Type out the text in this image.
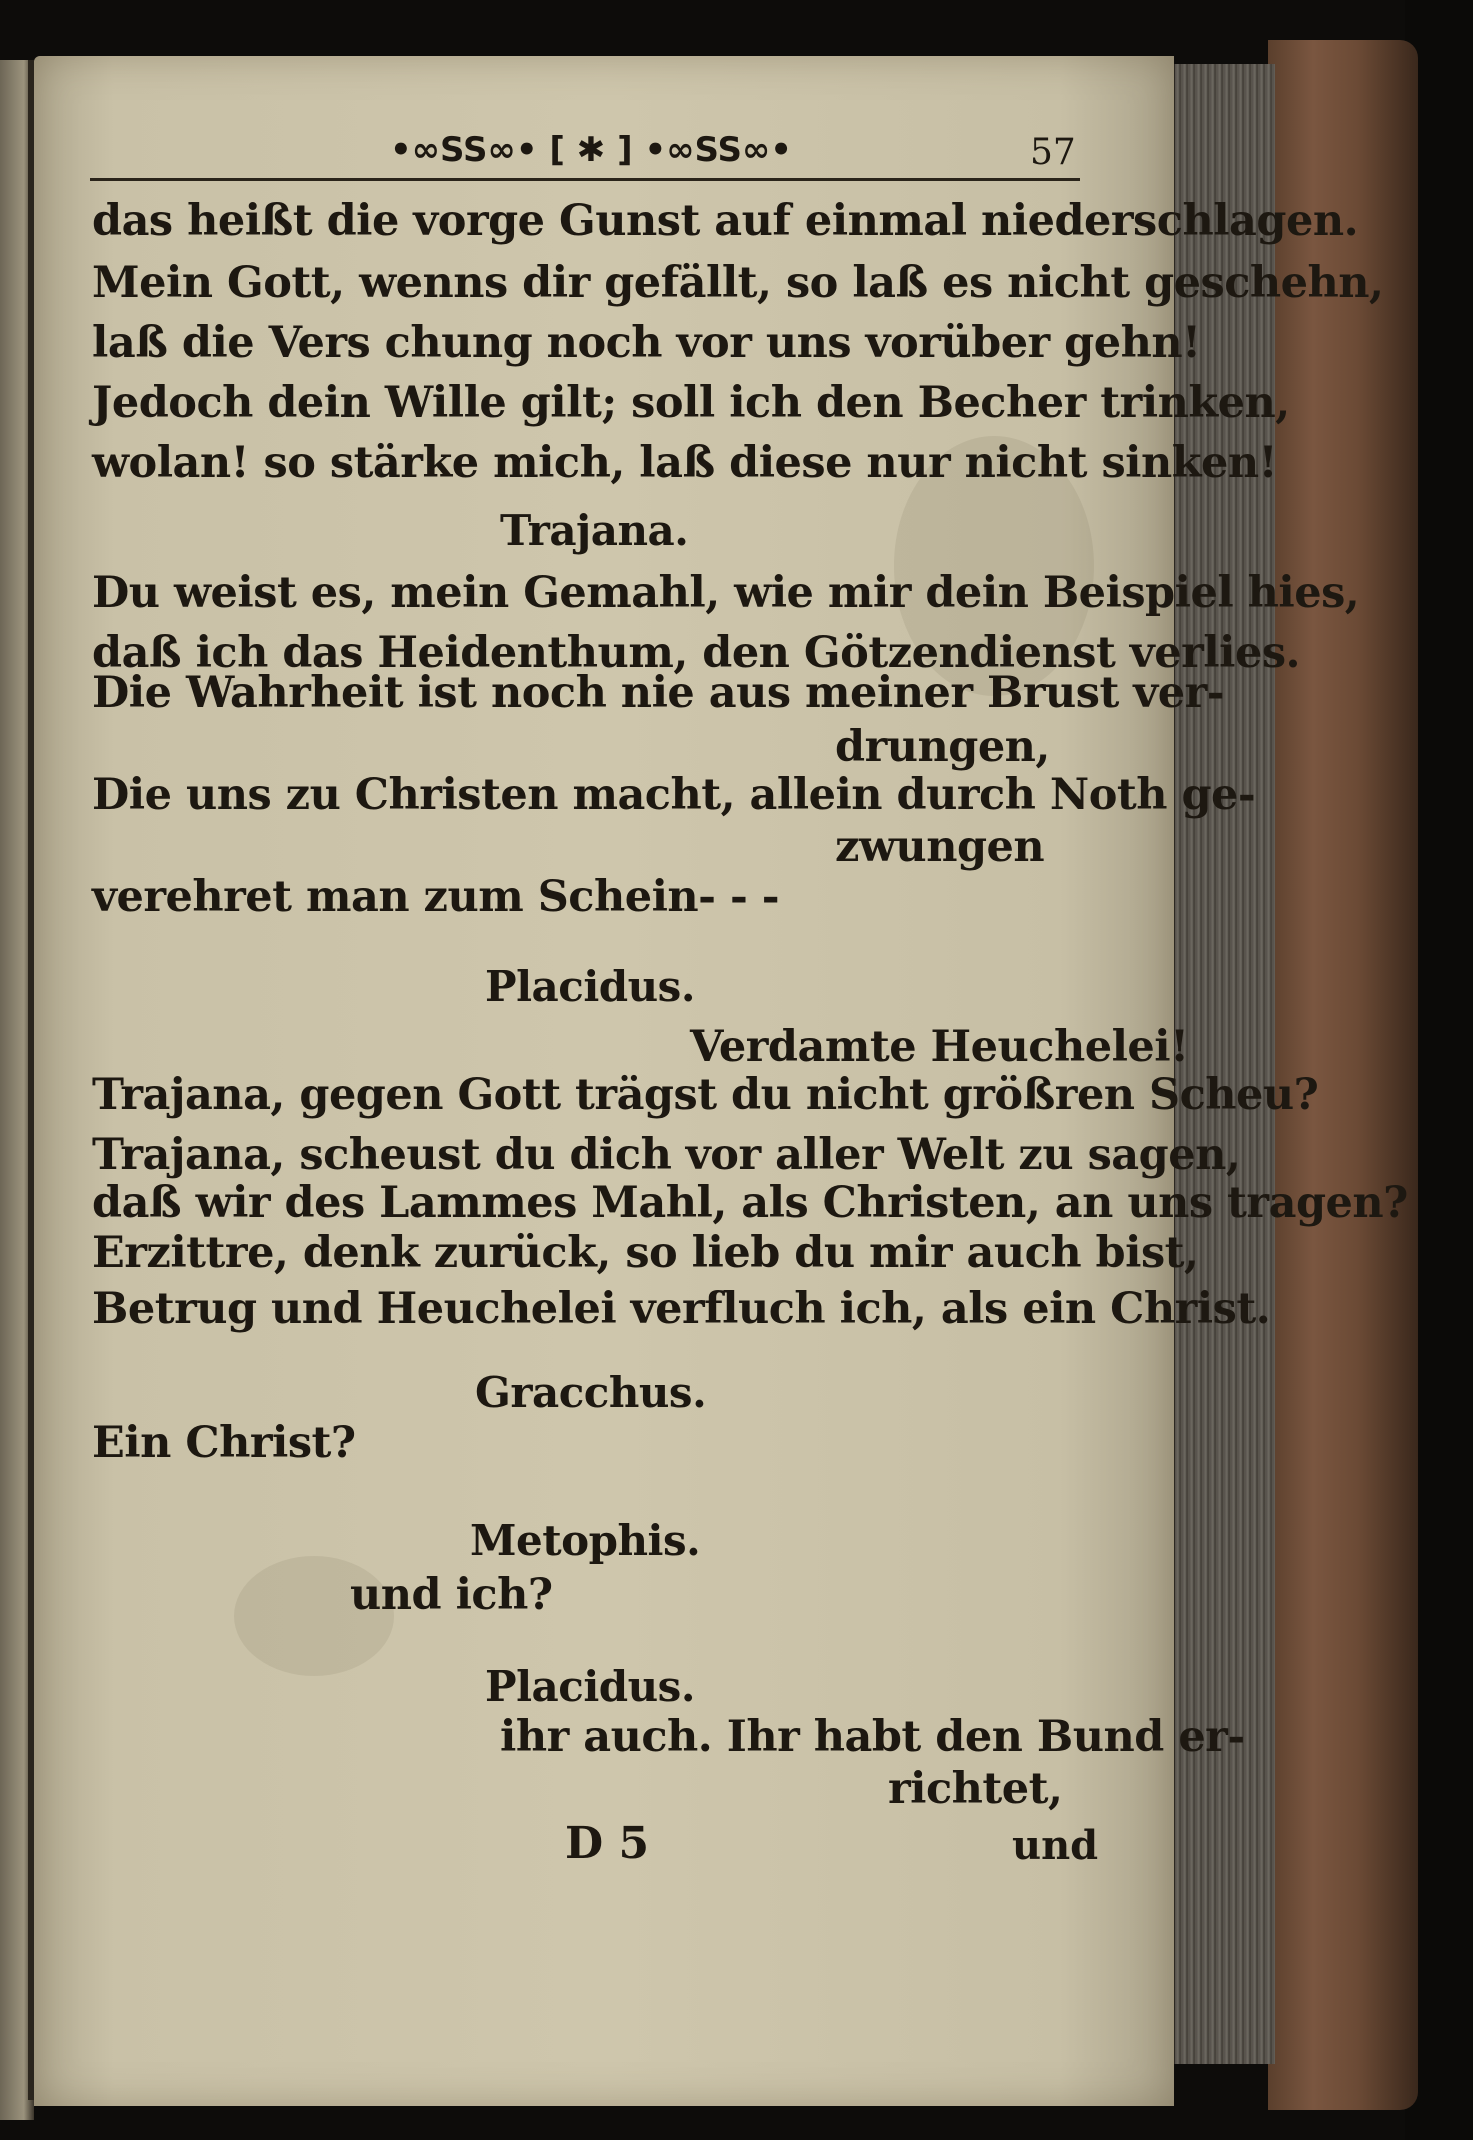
•∞SS∞• [ ✱ ] •∞SS∞•	57
das heißt die vorge Gunst auf einmal niederschlagen.
Mein Gott, wenns dir gefällt, so laß es nicht geschehn,
laß die Vers chung noch vor uns vorüber gehn!
Jedoch dein Wille gilt; soll ich den Becher trinken,
wolan! so stärke mich, laß diese nur nicht sinken!
Trajana.
Du weist es, mein Gemahl, wie mir dein Beispiel hies,
daß ich das Heidenthum, den Götzendienst verlies.
Die Wahrheit ist noch nie aus meiner Brust ver-
drungen,
Die uns zu Christen macht, allein durch Noth ge-
zwungen
verehret man zum Schein- - -
Placidus.
Verdamte Heuchelei!
Trajana, gegen Gott trägst du nicht größren Scheu?
Trajana, scheust du dich vor aller Welt zu sagen,
daß wir des Lammes Mahl, als Christen, an uns tragen?
Erzittre, denk zurück, so lieb du mir auch bist,
Betrug und Heuchelei verfluch ich, als ein Christ.
Gracchus.
Ein Christ?
Metophis.
und ich?
Placidus.
ihr auch. Ihr habt den Bund er-
richtet,
D 5	und
